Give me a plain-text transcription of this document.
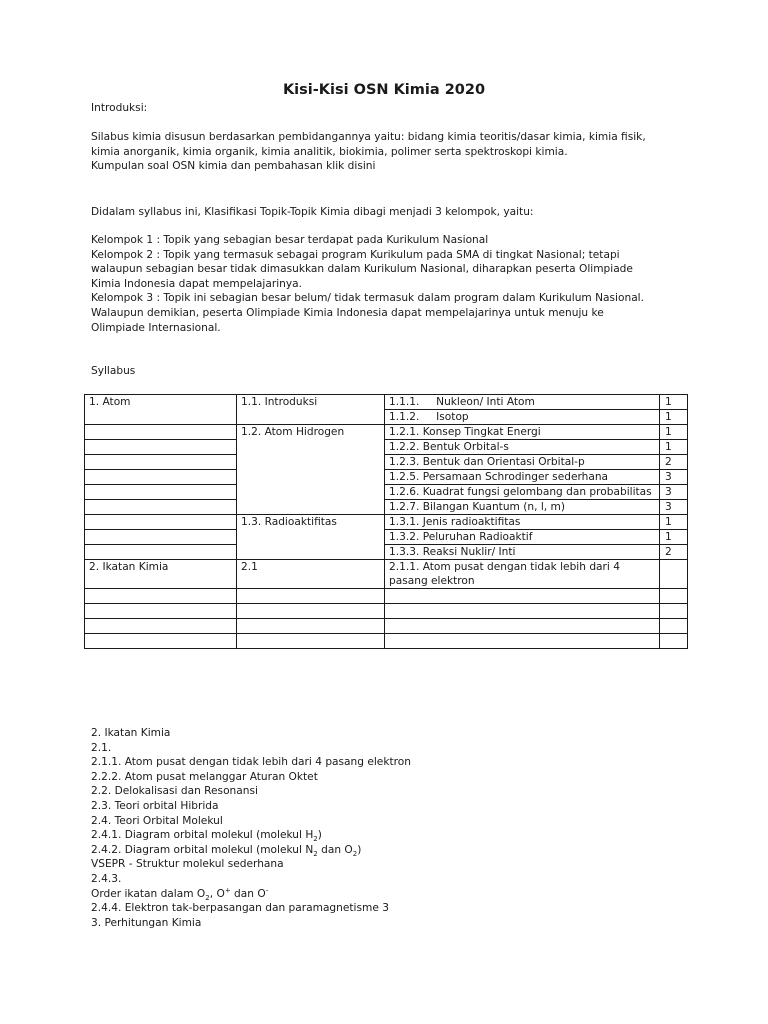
Kisi-Kisi OSN Kimia 2020
Introduksi:
Silabus kimia disusun berdasarkan pembidangannya yaitu: bidang kimia teoritis/dasar kimia, kimia fisik,
kimia anorganik, kimia organik, kimia analitik, biokimia, polimer serta spektroskopi kimia.
Kumpulan soal OSN kimia dan pembahasan klik disini
Didalam syllabus ini, Klasifikasi Topik-Topik Kimia dibagi menjadi 3 kelompok, yaitu:
Kelompok 1 : Topik yang sebagian besar terdapat pada Kurikulum Nasional
Kelompok 2 : Topik yang termasuk sebagai program Kurikulum pada SMA di tingkat Nasional; tetapi
walaupun sebagian besar tidak dimasukkan dalam Kurikulum Nasional, diharapkan peserta Olimpiade
Kimia Indonesia dapat mempelajarinya.
Kelompok 3 : Topik ini sebagian besar belum/ tidak termasuk dalam program dalam Kurikulum Nasional.
Walaupun demikian, peserta Olimpiade Kimia Indonesia dapat mempelajarinya untuk menuju ke
Olimpiade Internasional.
Syllabus
1. Atom	1.1. Introduksi	1.1.1.     Nukleon/ Inti Atom	1
		1.1.2.     Isotop	1
	1.2. Atom Hidrogen	1.2.1. Konsep Tingkat Energi	1
		1.2.2. Bentuk Orbital-s	1
		1.2.3. Bentuk dan Orientasi Orbital-p	2
		1.2.5. Persamaan Schrodinger sederhana	3
		1.2.6. Kuadrat fungsi gelombang dan probabilitas	3
		1.2.7. Bilangan Kuantum (n, l, m)	3
	1.3. Radioaktifitas	1.3.1. Jenis radioaktifitas	1
		1.3.2. Peluruhan Radioaktif	1
		1.3.3. Reaksi Nuklir/ Inti	2
2. Ikatan Kimia	2.1	2.1.1. Atom pusat dengan tidak lebih dari 4 pasang elektron	

2. Ikatan Kimia
2.1.
2.1.1. Atom pusat dengan tidak lebih dari 4 pasang elektron
2.2.2. Atom pusat melanggar Aturan Oktet
2.2. Delokalisasi dan Resonansi
2.3. Teori orbital Hibrida
2.4. Teori Orbital Molekul
2.4.1. Diagram orbital molekul (molekul $H_2$)
2.4.2. Diagram orbital molekul (molekul $N_2$ dan $O_2$)
VSEPR - Struktur molekul sederhana
2.4.3.
Order ikatan dalam $O_2$, O+ dan O-
2.4.4. Elektron tak-berpasangan dan paramagnetisme 3
3. Perhitungan Kimia
